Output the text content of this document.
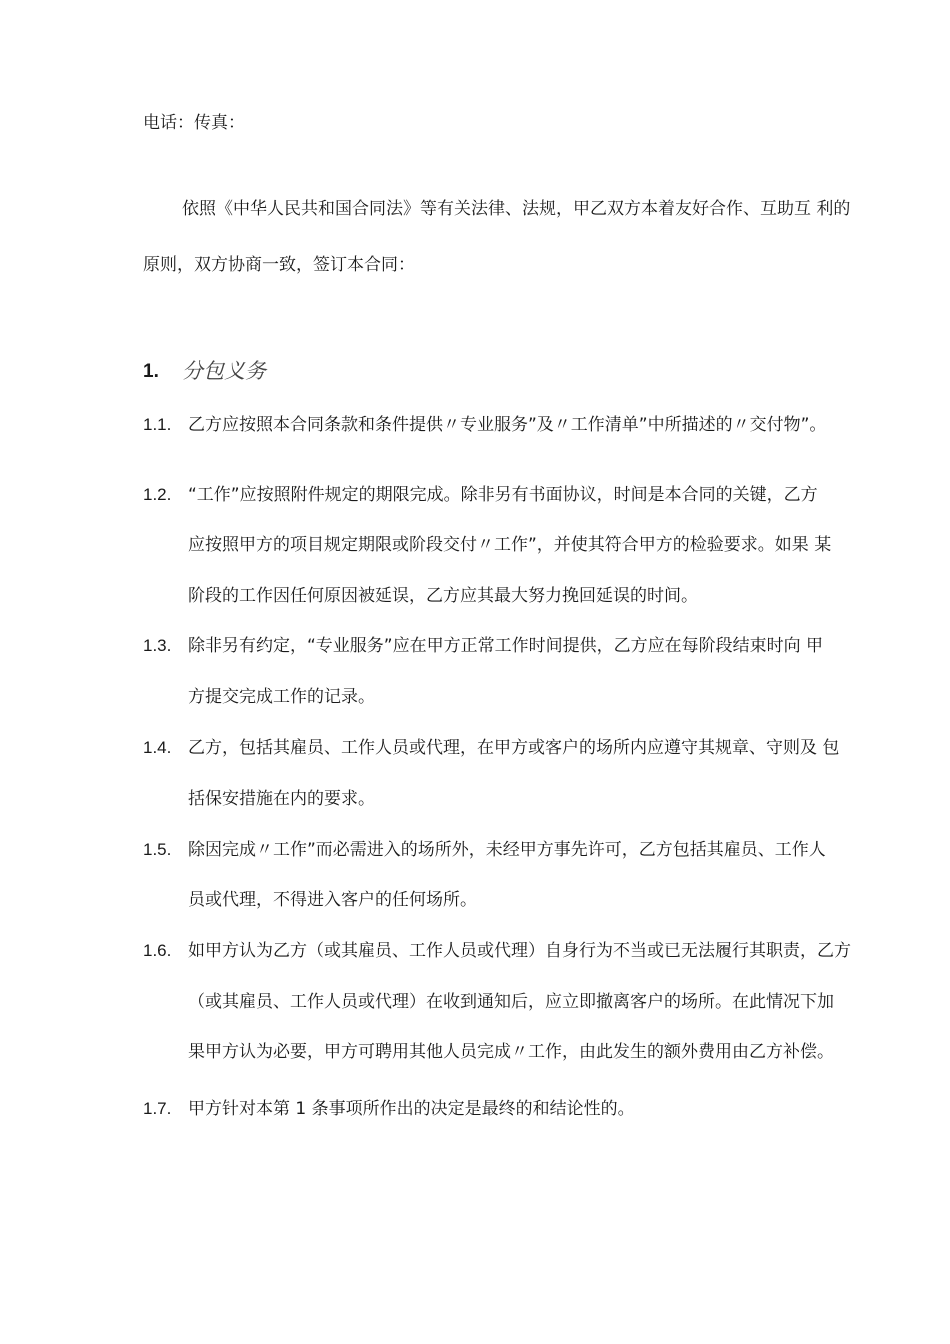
电话：传真：
依照《中华人民共和国合同法》等有关法律、法规，甲乙双方本着友好合作、互助互 利的
原则，双方协商一致，签订本合同：
1. 分包义务
1.1. 乙方应按照本合同条款和条件提供〃专业服务”及〃工作清单”中所描述的〃交付物”。
1.2. “工作”应按照附件规定的期限完成。除非另有书面协议，时间是本合同的关键，乙方
应按照甲方的项目规定期限或阶段交付〃工作”，并使其符合甲方的检验要求。如果 某
阶段的工作因任何原因被延误，乙方应其最大努力挽回延误的时间。
1.3. 除非另有约定，“专业服务”应在甲方正常工作时间提供，乙方应在每阶段结束时向 甲
方提交完成工作的记录。
1.4. 乙方，包括其雇员、工作人员或代理，在甲方或客户的场所内应遵守其规章、守则及 包
括保安措施在内的要求。
1.5. 除因完成〃工作”而必需进入的场所外，未经甲方事先许可，乙方包括其雇员、工作人
员或代理，不得进入客户的任何场所。
1.6. 如甲方认为乙方（或其雇员、工作人员或代理）自身行为不当或已无法履行其职责，乙方
（或其雇员、工作人员或代理）在收到通知后，应立即撤离客户的场所。在此情况下加
果甲方认为必要，甲方可聘用其他人员完成〃工作，由此发生的额外费用由乙方补偿。
1.7. 甲方针对本第 1 条事项所作出的决定是最终的和结论性的。
